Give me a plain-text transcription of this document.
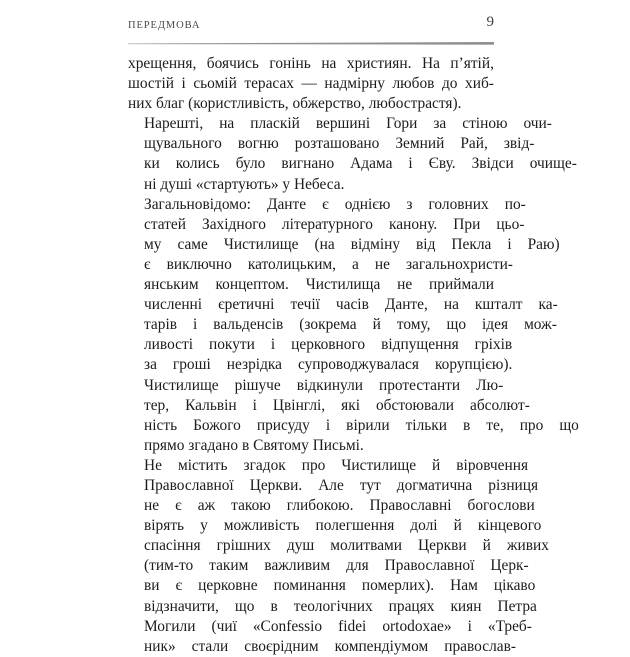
ПЕРЕДМОВА	9

хрещення, боячись гонінь на християн. На п’ятій,
шостій і сьомій терасах — надмірну любов до хиб-
них благ (користливість, обжерство, любострастя).

Нарешті,	на	пласкій	вершині	Гори	за	стіною	очи-
щувального	вогню	розташовано	Земний	Рай,	звід-
ки	колись	було	вигнано	Адама	і	Єву.	Звідси	очище-
ні душі «стартують» у Небеса.

Загальновідомо:	Данте	є	однією	з	головних	по-
статей	Західного	літературного	канону.	При	цьо-
му	саме	Чистилище	(на	відміну	від	Пекла	і	Раю)
є	виключно	католицьким,	а	не	загальнохристи-
янським	концептом.	Чистилища	не	приймали
численні	єретичні	течії	часів	Данте,	на	кшталт	ка-
тарів	і	вальденсів	(зокрема	й	тому,	що	ідея	мож-
ливості	покути	і	церковного	відпущення	гріхів
за	гроші	незрідка	супроводжувалася	корупцією).
Чистилище	рішуче	відкинули	протестанти	Лю-
тер,	Кальвін	і	Цвінглі,	які	обстоювали	абсолют-
ність	Божого	присуду	і	вірили	тільки	в	те,	про	що
прямо згадано в Святому Письмі.

Не	містить	згадок	про	Чистилище	й	віровчення
Православної	Церкви.	Але	тут	догматична	різниця
не	є	аж	такою	глибокою.	Православні	богослови
вірять	у	можливість	полегшення	долі	й	кінцевого
спасіння	грішних	душ	молитвами	Церкви	й	живих
(тим-то	таким	важливим	для	Православної	Церк-
ви	є	церковне	поминання	померлих).	Нам	цікаво
відзначити,	що	в	теологічних	працях	киян	Петра
Могили	(чиї	«Confessio	fidei	ortodoxae»	і	«Треб-
ник»	стали	своєрідним	компендіумом	православ-
